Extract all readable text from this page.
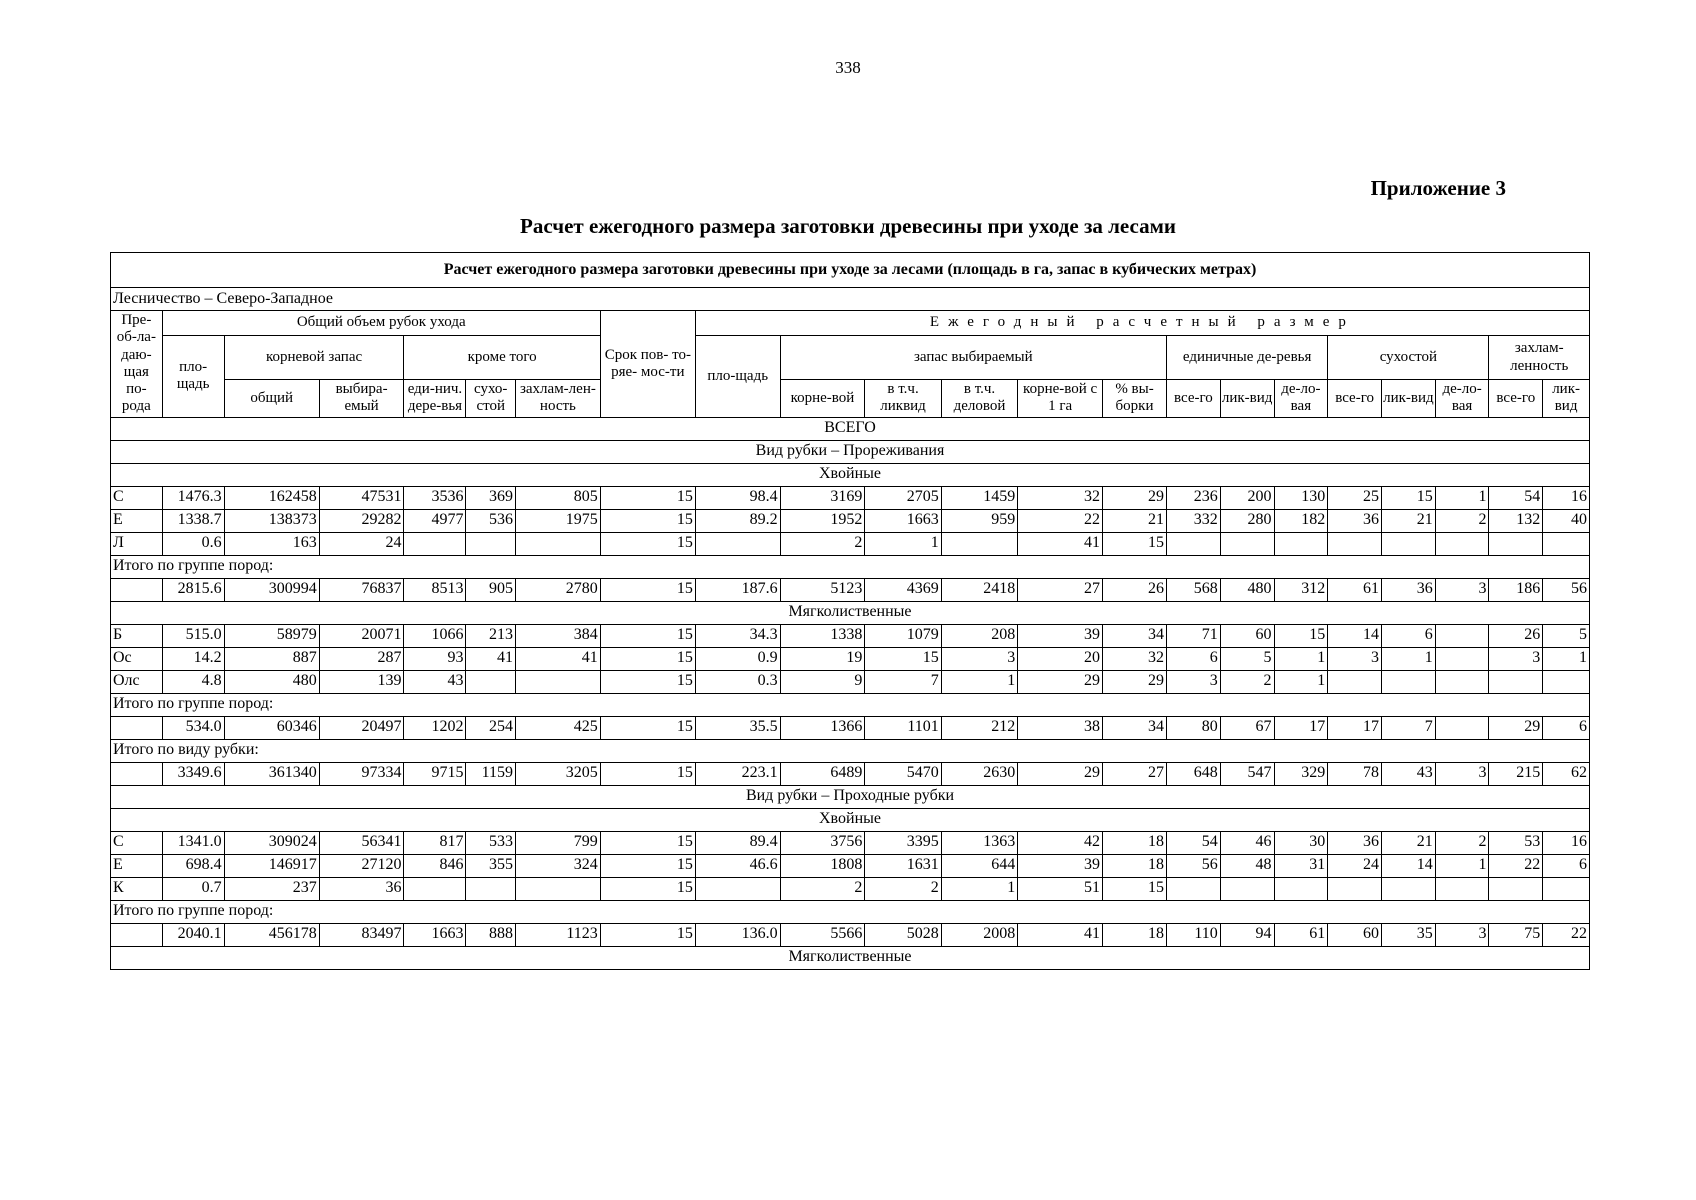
338
Приложение 3
Расчет ежегодного размера заготовки древесины при уходе за лесами
Расчет ежегодного размера заготовки древесины при уходе за лесами (площадь в га, запас в кубических метрах)																					
Лесничество – Северо-Западное																					
Пре-об-ла-даю-щая по-рода	Общий объем рубок ухода						Срок пов- то-ряе- мос-ти	Ежегодный расчетный размер													
	пло-щадь	корневой запас		кроме того				пло-щадь	запас выбираемый					единичные де-ревья			сухостой			захлам-ленность	
		общий	выбира-емый	еди-нич. дере-вья	сухо-стой	захлам-лен-ность			корне-вой	в т.ч. ликвид	в т.ч. деловой	корне-вой с 1 га	% вы-борки	все-го	лик-вид	де-ло-вая	все-го	лик-вид	де-ло-вая	все-го	лик-вид
ВСЕГО																					
Вид рубки – Прореживания																					
Хвойные																					
С	1476.3	162458	47531	3536	369	805	15	98.4	3169	2705	1459	32	29	236	200	130	25	15	1	54	16
Е	1338.7	138373	29282	4977	536	1975	15	89.2	1952	1663	959	22	21	332	280	182	36	21	2	132	40
Л	0.6	163	24				15		2	1		41	15								
Итого по группе пород:																					
	2815.6	300994	76837	8513	905	2780	15	187.6	5123	4369	2418	27	26	568	480	312	61	36	3	186	56
Мягколиственные																					
Б	515.0	58979	20071	1066	213	384	15	34.3	1338	1079	208	39	34	71	60	15	14	6		26	5
Ос	14.2	887	287	93	41	41	15	0.9	19	15	3	20	32	6	5	1	3	1		3	1
Олс	4.8	480	139	43			15	0.3	9	7	1	29	29	3	2	1					
Итого по группе пород:																					
	534.0	60346	20497	1202	254	425	15	35.5	1366	1101	212	38	34	80	67	17	17	7		29	6
Итого по виду рубки:																					
	3349.6	361340	97334	9715	1159	3205	15	223.1	6489	5470	2630	29	27	648	547	329	78	43	3	215	62
Вид рубки – Проходные рубки																					
Хвойные																					
С	1341.0	309024	56341	817	533	799	15	89.4	3756	3395	1363	42	18	54	46	30	36	21	2	53	16
Е	698.4	146917	27120	846	355	324	15	46.6	1808	1631	644	39	18	56	48	31	24	14	1	22	6
К	0.7	237	36				15		2	2	1	51	15								
Итого по группе пород:																					
	2040.1	456178	83497	1663	888	1123	15	136.0	5566	5028	2008	41	18	110	94	61	60	35	3	75	22
Мягколиственные																					
